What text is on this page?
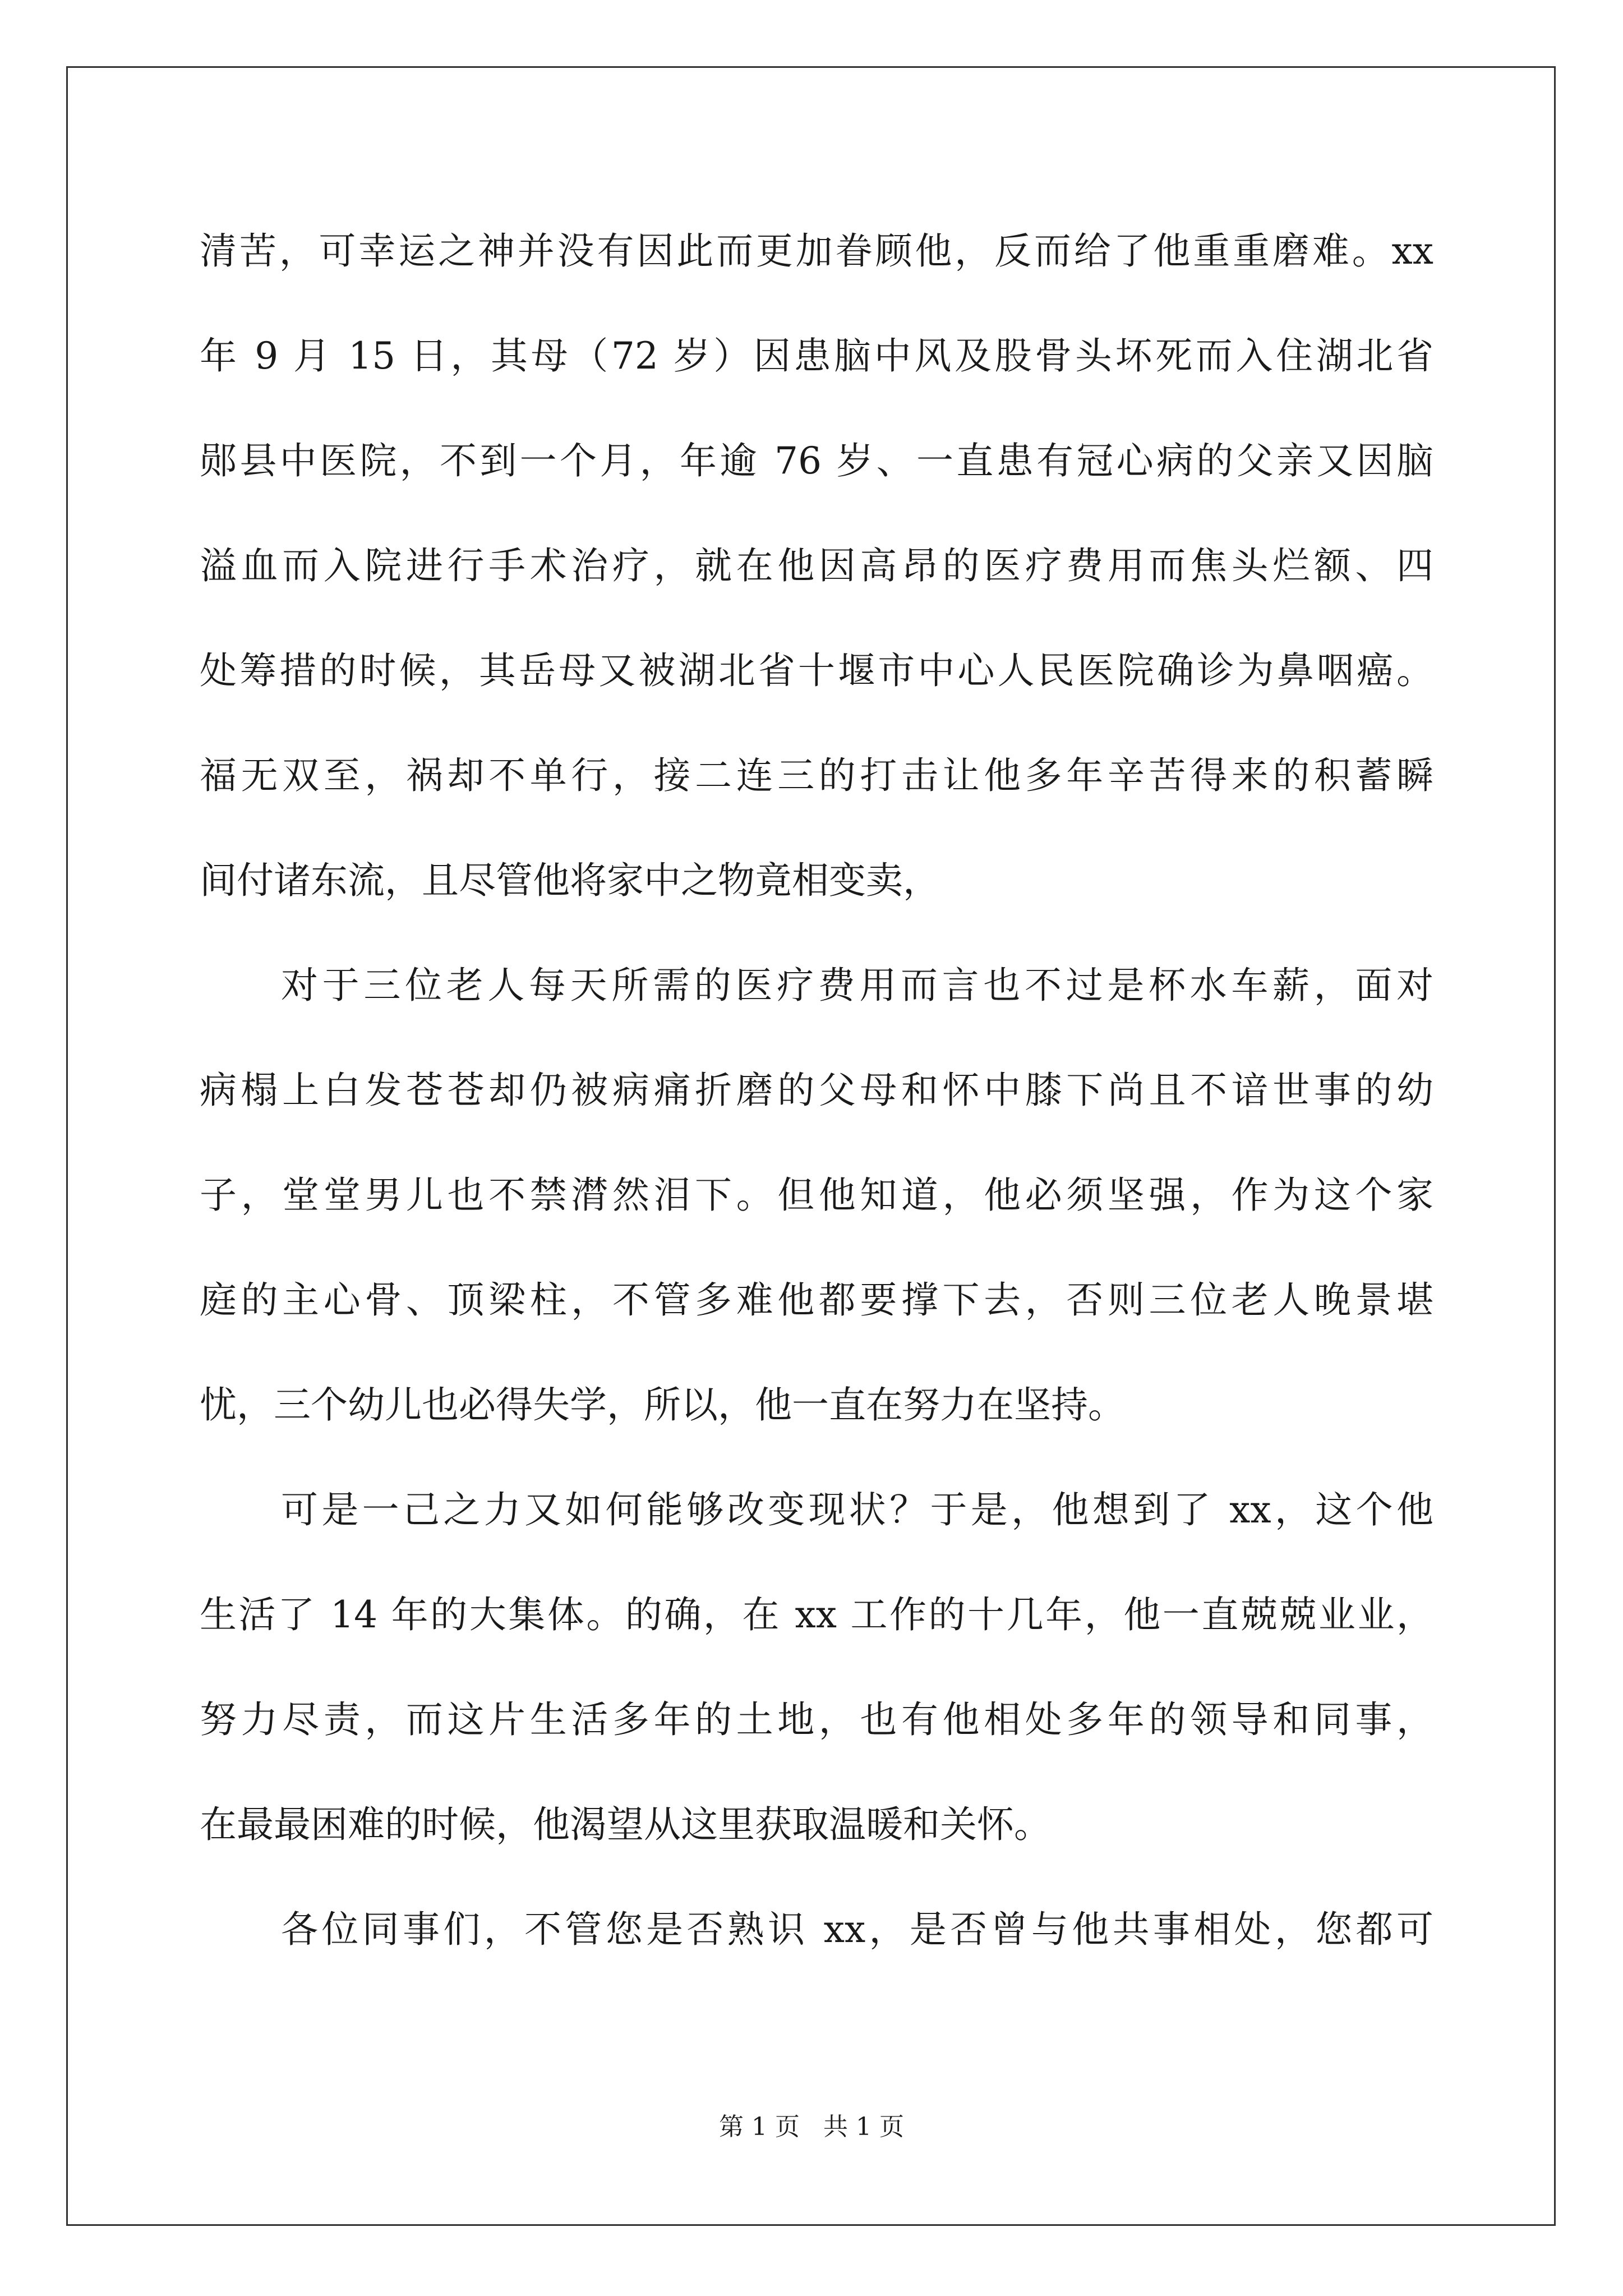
清苦，可幸运之神并没有因此而更加眷顾他，反而给了他重重磨难。xx
年 9 月 15 日，其母（72 岁）因患脑中风及股骨头坏死而入住湖北省
郧县中医院，不到一个月，年逾 76 岁、一直患有冠心病的父亲又因脑
溢血而入院进行手术治疗，就在他因高昂的医疗费用而焦头烂额、四
处筹措的时候，其岳母又被湖北省十堰市中心人民医院确诊为鼻咽癌。
福无双至，祸却不单行，接二连三的打击让他多年辛苦得来的积蓄瞬
间付诸东流，且尽管他将家中之物竟相变卖，
对于三位老人每天所需的医疗费用而言也不过是杯水车薪，面对
病榻上白发苍苍却仍被病痛折磨的父母和怀中膝下尚且不谙世事的幼
子，堂堂男儿也不禁潸然泪下。但他知道，他必须坚强，作为这个家
庭的主心骨、顶梁柱，不管多难他都要撑下去，否则三位老人晚景堪
忧，三个幼儿也必得失学，所以，他一直在努力在坚持。
可是一己之力又如何能够改变现状？于是，他想到了 xx，这个他
生活了 14 年的大集体。的确，在 xx 工作的十几年，他一直兢兢业业，
努力尽责，而这片生活多年的土地，也有他相处多年的领导和同事，
在最最困难的时候，他渴望从这里获取温暖和关怀。
各位同事们，不管您是否熟识 xx，是否曾与他共事相处，您都可
第 1 页   共 1 页
